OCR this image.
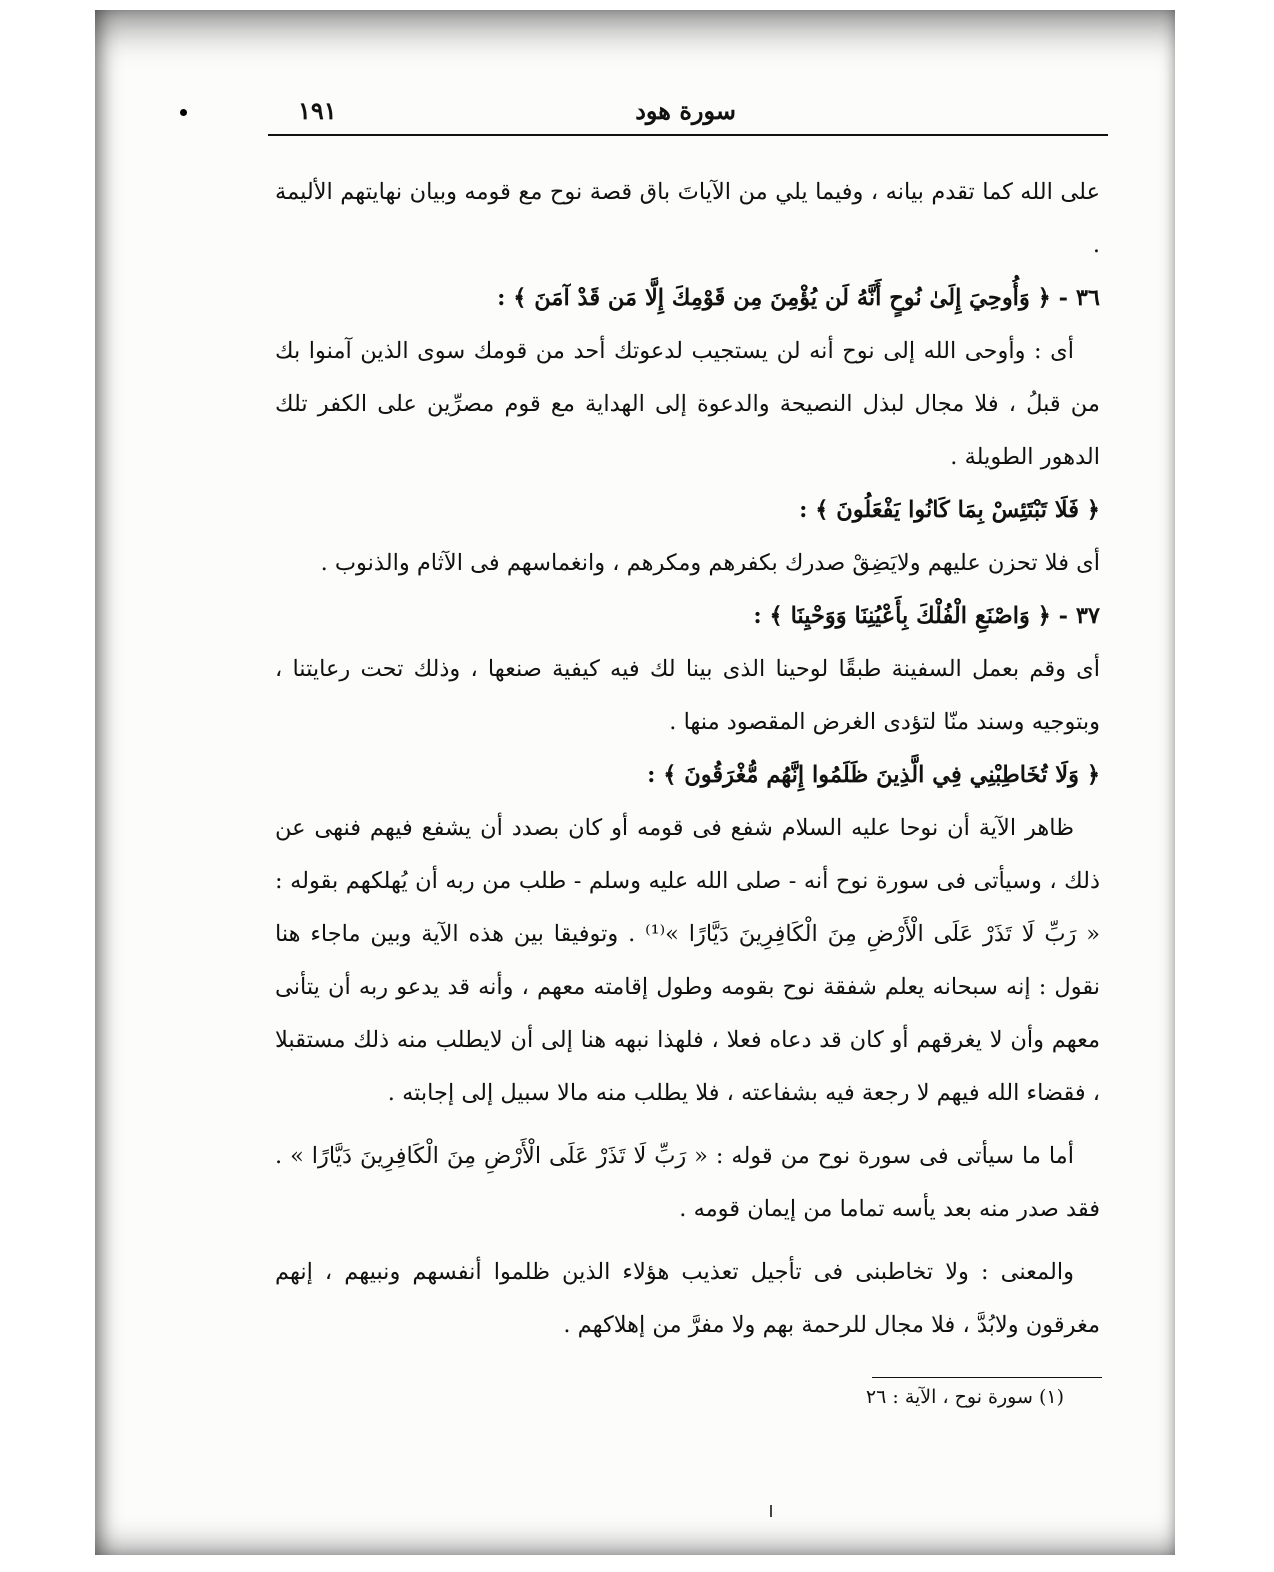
سورة هود
١٩١

على الله كما تقدم بيانه ، وفيما يلي من الآياتَ باق قصة نوح مع قومه وبيان نهايتهم الأليمة .

٣٦ - ﴿ وَأُوحِيَ إِلَىٰ نُوحٍ أَنَّهُ لَن يُؤْمِنَ مِن قَوْمِكَ إِلَّا مَن قَدْ آمَنَ ﴾ :

أى : وأوحى الله إلى نوح أنه لن يستجيب لدعوتك أحد من قومك سوى الذين آمنوا بك من قبلُ ، فلا مجال لبذل النصيحة والدعوة إلى الهداية مع قوم مصرِّين على الكفر تلك الدهور الطويلة .

﴿ فَلَا تَبْتَئِسْ بِمَا كَانُوا يَفْعَلُونَ ﴾ :

أى فلا تحزن عليهم ولايَضِقْ صدرك بكفرهم ومكرهم ، وانغماسهم فى الآثام والذنوب .

٣٧ - ﴿ وَاصْنَعِ الْفُلْكَ بِأَعْيُنِنَا وَوَحْيِنَا ﴾ :

أى وقم بعمل السفينة طبقًا لوحينا الذى بينا لك فيه كيفية صنعها ، وذلك تحت رعايتنا ، وبتوجيه وسند منّا لتؤدى الغرض المقصود منها .

﴿ وَلَا تُخَاطِبْنِي فِي الَّذِينَ ظَلَمُوا إِنَّهُم مُّغْرَقُونَ ﴾ :

ظاهر الآية أن نوحا عليه السلام شفع فى قومه أو كان بصدد أن يشفع فيهم فنهى عن ذلك ، وسيأتى فى سورة نوح أنه - صلى الله عليه وسلم - طلب من ربه أن يُهلكهم بقوله : « رَبِّ لَا تَذَرْ عَلَى الْأَرْضِ مِنَ الْكَافِرِينَ دَيَّارًا »⁽¹⁾ . وتوفيقا بين هذه الآية وبين ماجاء هنا نقول : إنه سبحانه يعلم شفقة نوح بقومه وطول إقامته معهم ، وأنه قد يدعو ربه أن يتأنى معهم وأن لا يغرقهم أو كان قد دعاه فعلا ، فلهذا نبهه هنا إلى أن لايطلب منه ذلك مستقبلا ، فقضاء الله فيهم لا رجعة فيه بشفاعته ، فلا يطلب منه مالا سبيل إلى إجابته .

أما ما سيأتى فى سورة نوح من قوله : « رَبِّ لَا تَذَرْ عَلَى الْأَرْضِ مِنَ الْكَافِرِينَ دَيَّارًا » . فقد صدر منه بعد يأسه تماما من إيمان قومه .

والمعنى : ولا تخاطبنى فى تأجيل تعذيب هؤلاء الذين ظلموا أنفسهم ونبيهم ، إنهم مغرقون ولابُدَّ ، فلا مجال للرحمة بهم ولا مفرَّ من إهلاكهم .

(١) سورة نوح ، الآية : ٢٦
